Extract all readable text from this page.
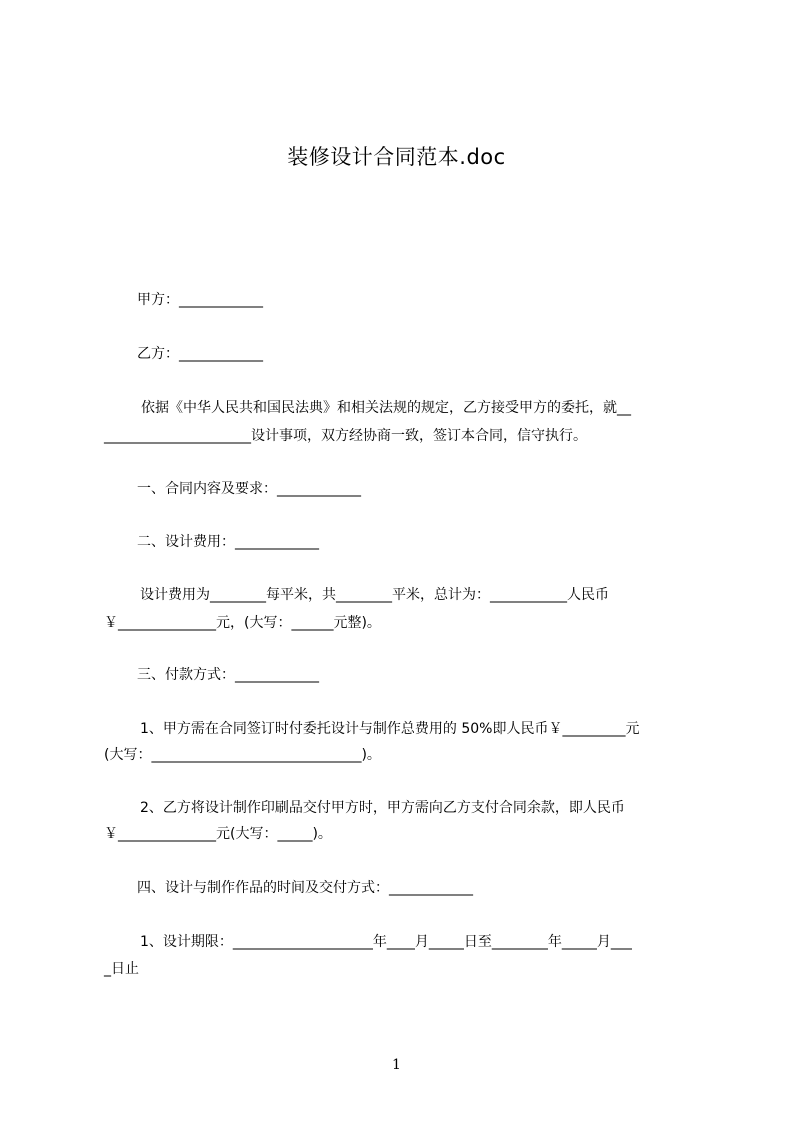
装修设计合同范本.doc
甲方：____________
乙方：____________
依据《中华人民共和国民法典》和相关法规的规定，乙方接受甲方的委托，就__
_____________________设计事项，双方经协商一致，签订本合同，信守执行。
一、合同内容及要求：____________
二、设计费用：____________
设计费用为________每平米，共________平米，总计为：___________人民币
￥______________元，(大写：______元整)。
三、付款方式：____________
1、甲方需在合同签订时付委托设计与制作总费用的 50%即人民币￥_________元
(大写：______________________________)。
2、乙方将设计制作印刷品交付甲方时，甲方需向乙方支付合同余款，即人民币
￥______________元(大写：_____)。
四、设计与制作作品的时间及交付方式：____________
1、设计期限：____________________年____月_____日至________年_____月___
_日止
1
